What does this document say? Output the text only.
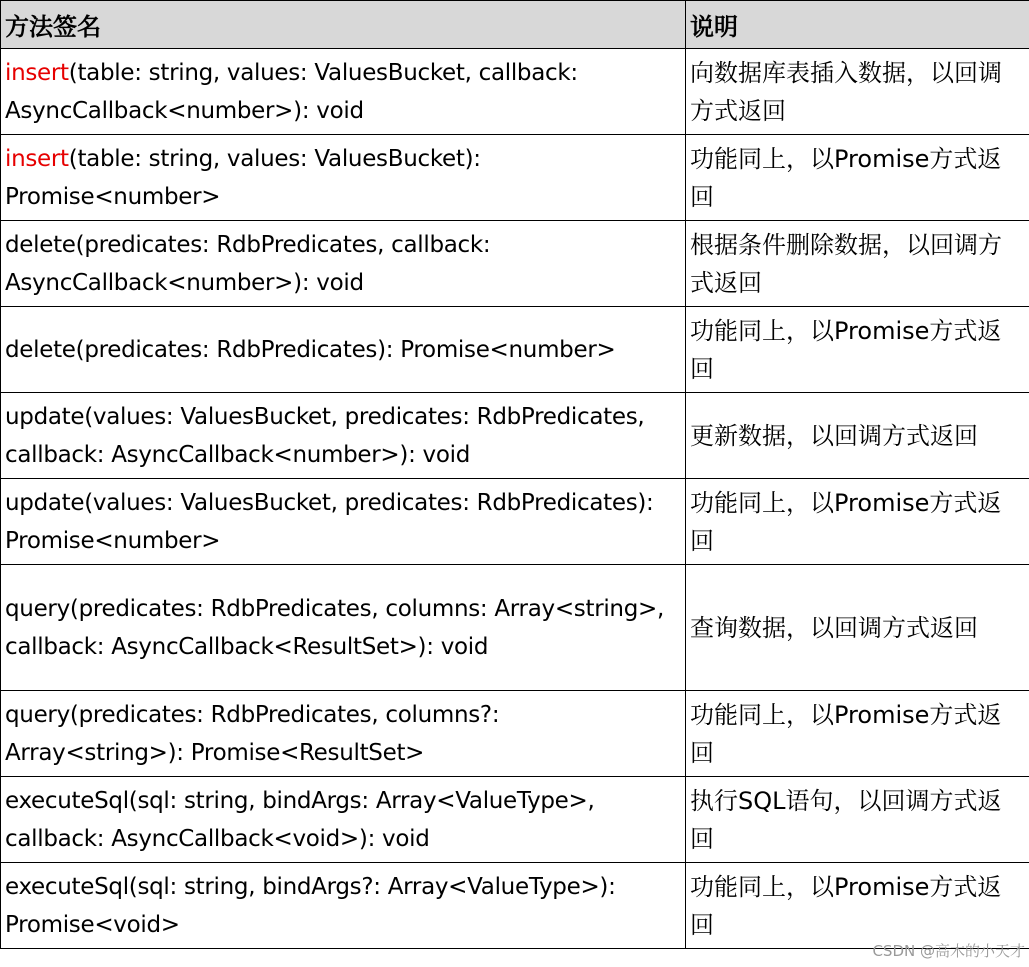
方法签名	说明
insert(table: string, values: ValuesBucket, callback: AsyncCallback<number>): void	向数据库表插入数据，以回调方式返回
insert(table: string, values: ValuesBucket): Promise<number>	功能同上，以Promise方式返回
delete(predicates: RdbPredicates, callback: AsyncCallback<number>): void	根据条件删除数据，以回调方式返回
delete(predicates: RdbPredicates): Promise<number>	功能同上，以Promise方式返回
update(values: ValuesBucket, predicates: RdbPredicates, callback: AsyncCallback<number>): void	更新数据，以回调方式返回
update(values: ValuesBucket, predicates: RdbPredicates): Promise<number>	功能同上，以Promise方式返回
query(predicates: RdbPredicates, columns: Array<string>, callback: AsyncCallback<ResultSet>): void	查询数据，以回调方式返回
query(predicates: RdbPredicates, columns?: Array<string>): Promise<ResultSet>	功能同上，以Promise方式返回
executeSql(sql: string, bindArgs: Array<ValueType>, callback: AsyncCallback<void>): void	执行SQL语句，以回调方式返回
executeSql(sql: string, bindArgs?: Array<ValueType>): Promise<void>	功能同上，以Promise方式返回
CSDN @高木的小天才
